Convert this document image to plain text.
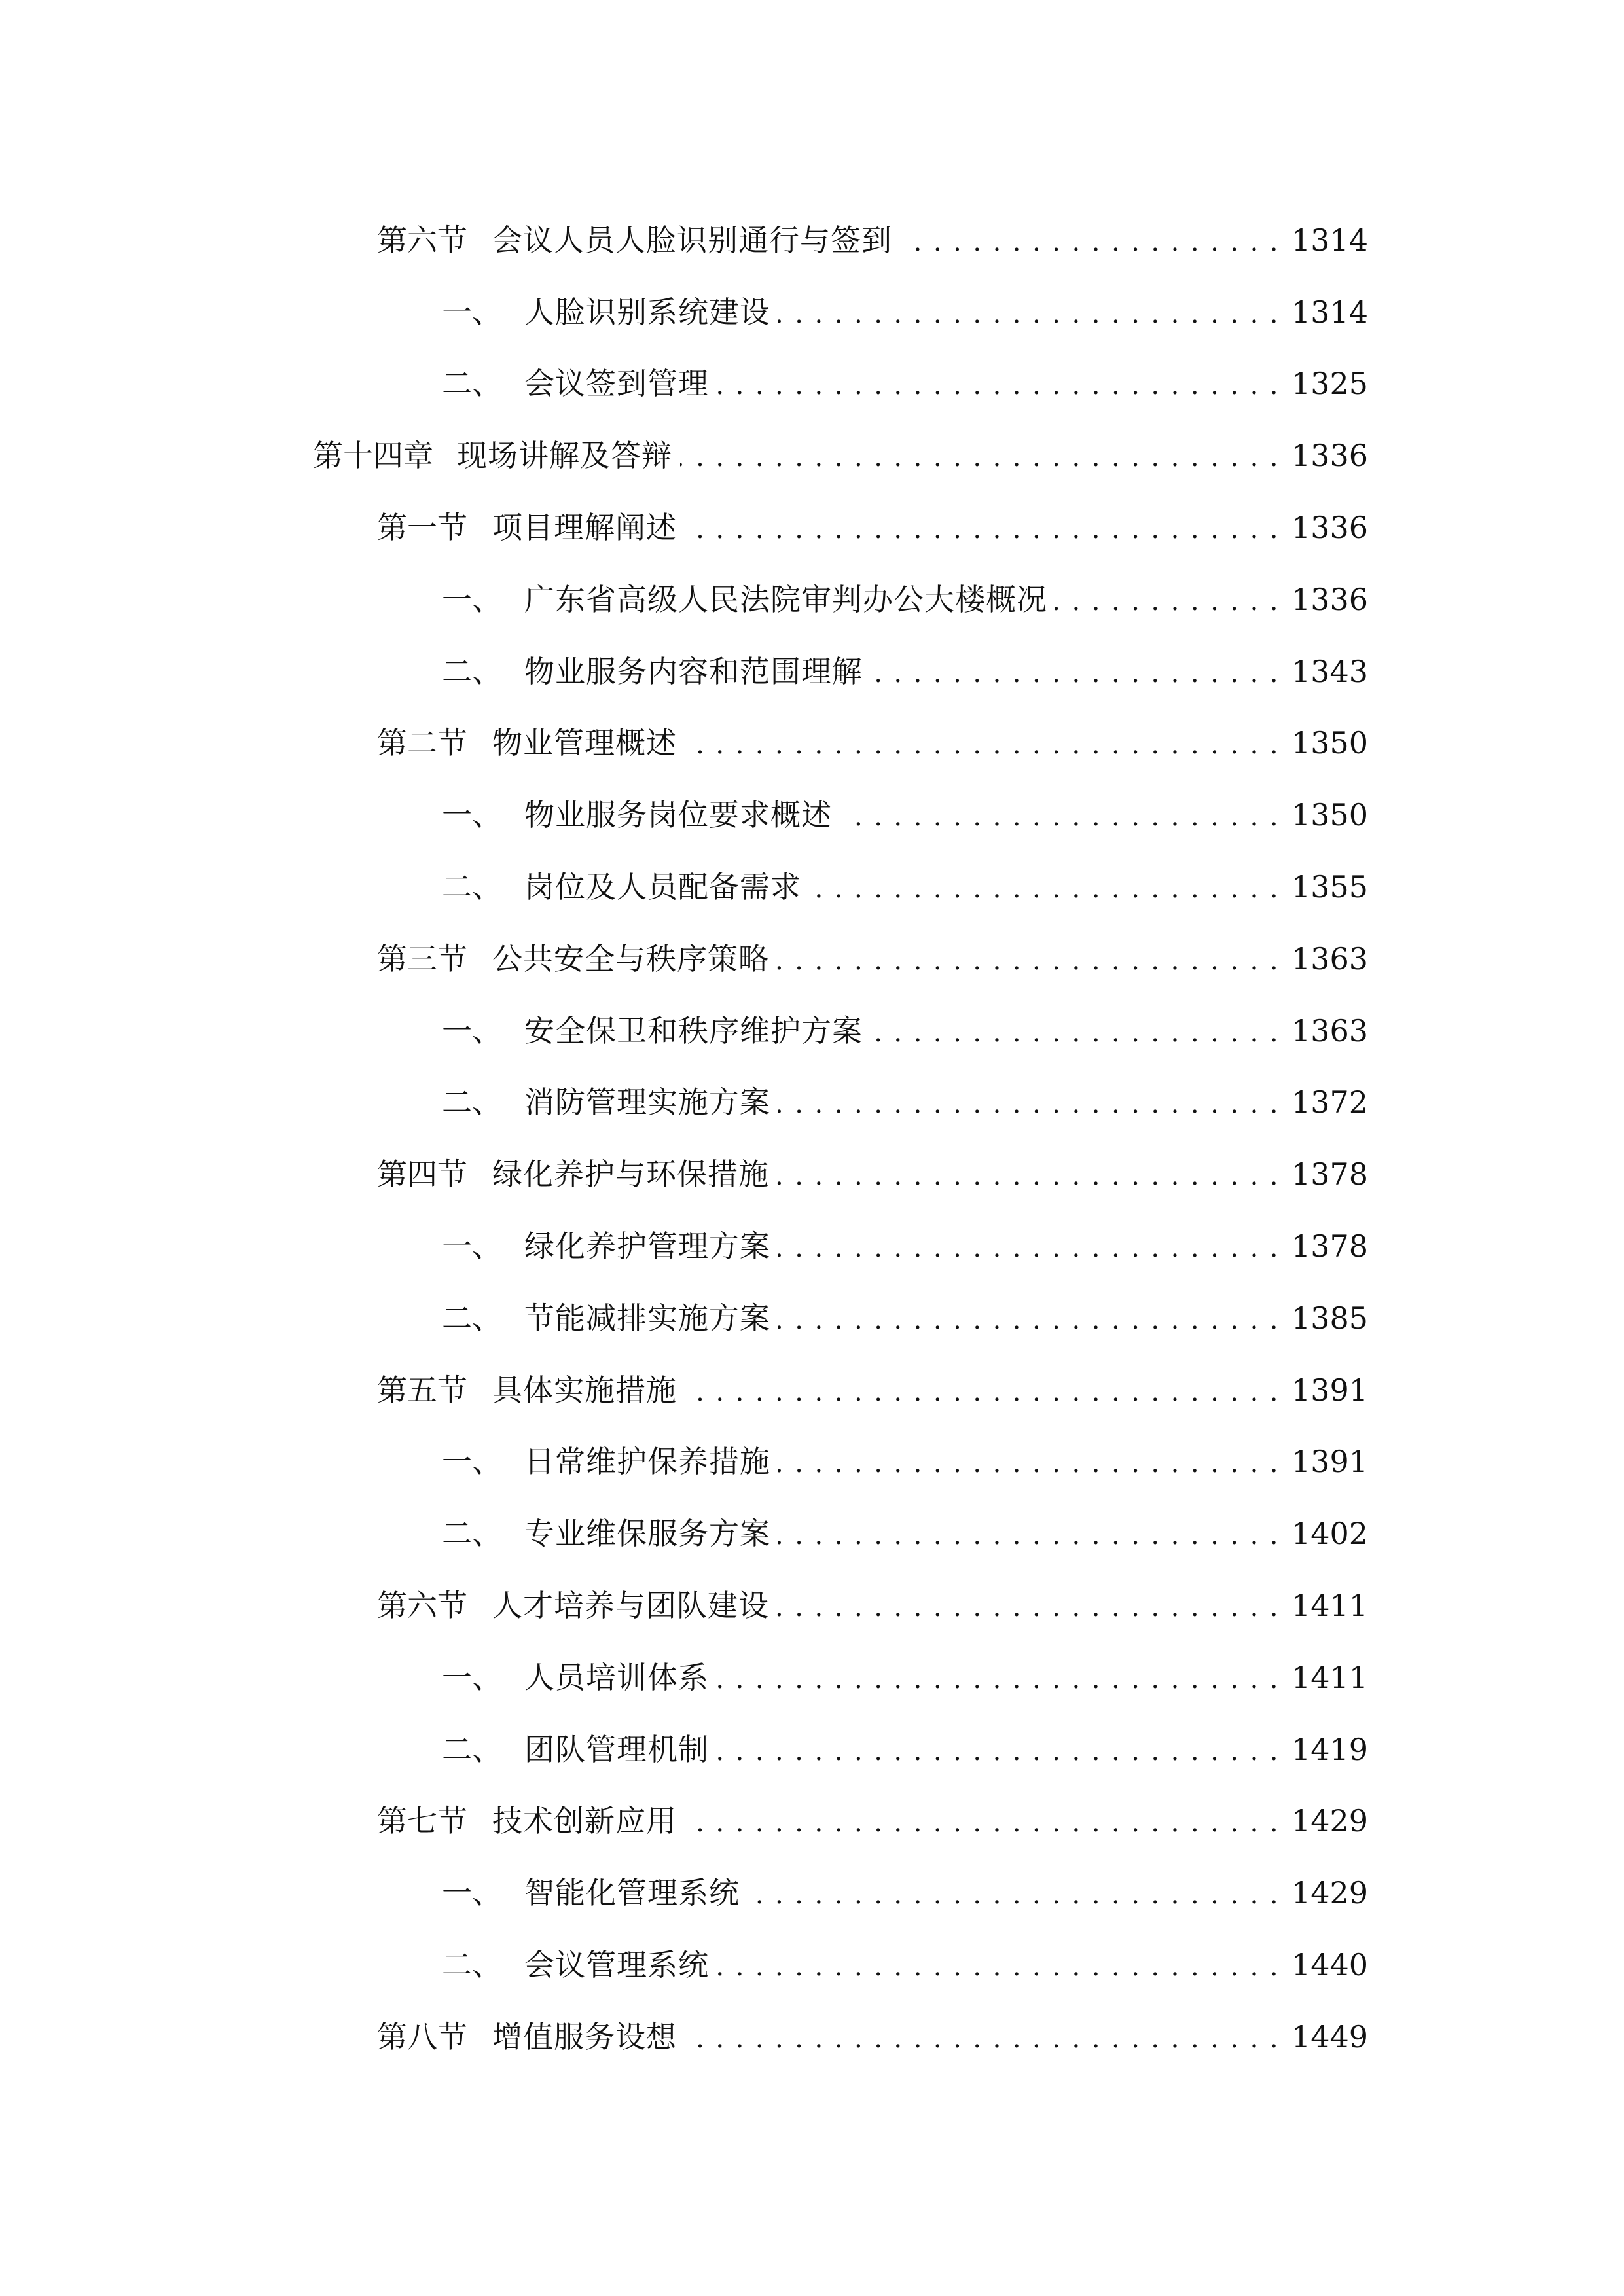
第六节 会议人员人脸识别通行与签到 . . .	1314
一、 人脸识别系统建设 . . .	1314
二、 会议签到管理 . . .	1325
第十四章 现场讲解及答辩 . . .	1336
第一节 项目理解阐述 . . .	1336
一、 广东省高级人民法院审判办公大楼概况 . . .	1336
二、 物业服务内容和范围理解 . . .	1343
第二节 物业管理概述 . . .	1350
一、 物业服务岗位要求概述 . . .	1350
二、 岗位及人员配备需求 . . .	1355
第三节 公共安全与秩序策略 . . .	1363
一、 安全保卫和秩序维护方案 . . .	1363
二、 消防管理实施方案 . . .	1372
第四节 绿化养护与环保措施 . . .	1378
一、 绿化养护管理方案 . . .	1378
二、 节能减排实施方案 . . .	1385
第五节 具体实施措施 . . .	1391
一、 日常维护保养措施 . . .	1391
二、 专业维保服务方案 . . .	1402
第六节 人才培养与团队建设 . . .	1411
一、 人员培训体系 . . .	1411
二、 团队管理机制 . . .	1419
第七节 技术创新应用 . . .	1429
一、 智能化管理系统 . . .	1429
二、 会议管理系统 . . .	1440
第八节 增值服务设想 . . .	1449
